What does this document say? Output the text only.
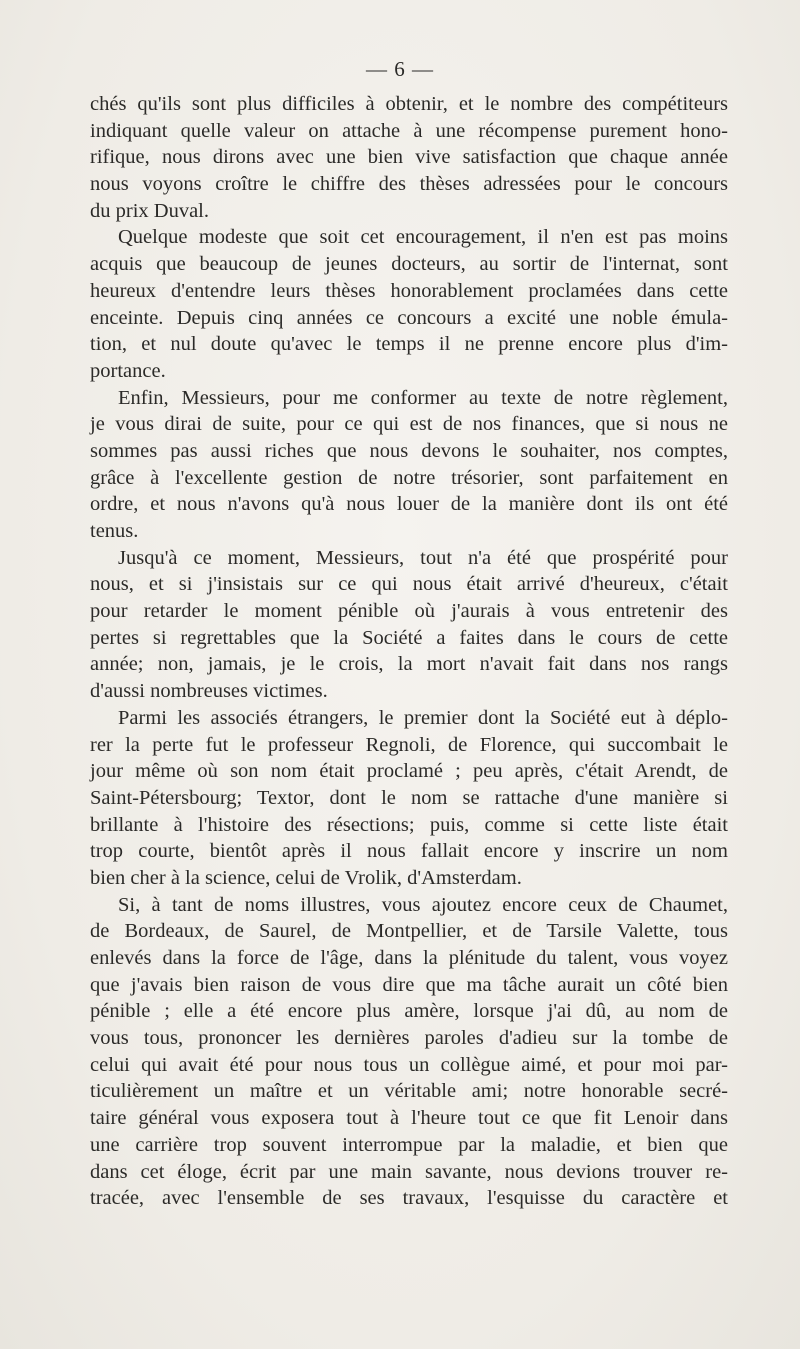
— 6 —
chés qu'ils sont plus difficiles à obtenir, et le nombre des compétiteurs
indiquant quelle valeur on attache à une récompense purement hono-
rifique, nous dirons avec une bien vive satisfaction que chaque année
nous voyons croître le chiffre des thèses adressées pour le concours
du prix Duval.
Quelque modeste que soit cet encouragement, il n'en est pas moins
acquis que beaucoup de jeunes docteurs, au sortir de l'internat, sont
heureux d'entendre leurs thèses honorablement proclamées dans cette
enceinte. Depuis cinq années ce concours a excité une noble émula-
tion, et nul doute qu'avec le temps il ne prenne encore plus d'im-
portance.
Enfin, Messieurs, pour me conformer au texte de notre règlement,
je vous dirai de suite, pour ce qui est de nos finances, que si nous ne
sommes pas aussi riches que nous devons le souhaiter, nos comptes,
grâce à l'excellente gestion de notre trésorier, sont parfaitement en
ordre, et nous n'avons qu'à nous louer de la manière dont ils ont été
tenus.
Jusqu'à ce moment, Messieurs, tout n'a été que prospérité pour
nous, et si j'insistais sur ce qui nous était arrivé d'heureux, c'était
pour retarder le moment pénible où j'aurais à vous entretenir des
pertes si regrettables que la Société a faites dans le cours de cette
année; non, jamais, je le crois, la mort n'avait fait dans nos rangs
d'aussi nombreuses victimes.
Parmi les associés étrangers, le premier dont la Société eut à déplo-
rer la perte fut le professeur Regnoli, de Florence, qui succombait le
jour même où son nom était proclamé ; peu après, c'était Arendt, de
Saint-Pétersbourg; Textor, dont le nom se rattache d'une manière si
brillante à l'histoire des résections; puis, comme si cette liste était
trop courte, bientôt après il nous fallait encore y inscrire un nom
bien cher à la science, celui de Vrolik, d'Amsterdam.
Si, à tant de noms illustres, vous ajoutez encore ceux de Chaumet,
de Bordeaux, de Saurel, de Montpellier, et de Tarsile Valette, tous
enlevés dans la force de l'âge, dans la plénitude du talent, vous voyez
que j'avais bien raison de vous dire que ma tâche aurait un côté bien
pénible ; elle a été encore plus amère, lorsque j'ai dû, au nom de
vous tous, prononcer les dernières paroles d'adieu sur la tombe de
celui qui avait été pour nous tous un collègue aimé, et pour moi par-
ticulièrement un maître et un véritable ami; notre honorable secré-
taire général vous exposera tout à l'heure tout ce que fit Lenoir dans
une carrière trop souvent interrompue par la maladie, et bien que
dans cet éloge, écrit par une main savante, nous devions trouver re-
tracée, avec l'ensemble de ses travaux, l'esquisse du caractère et
